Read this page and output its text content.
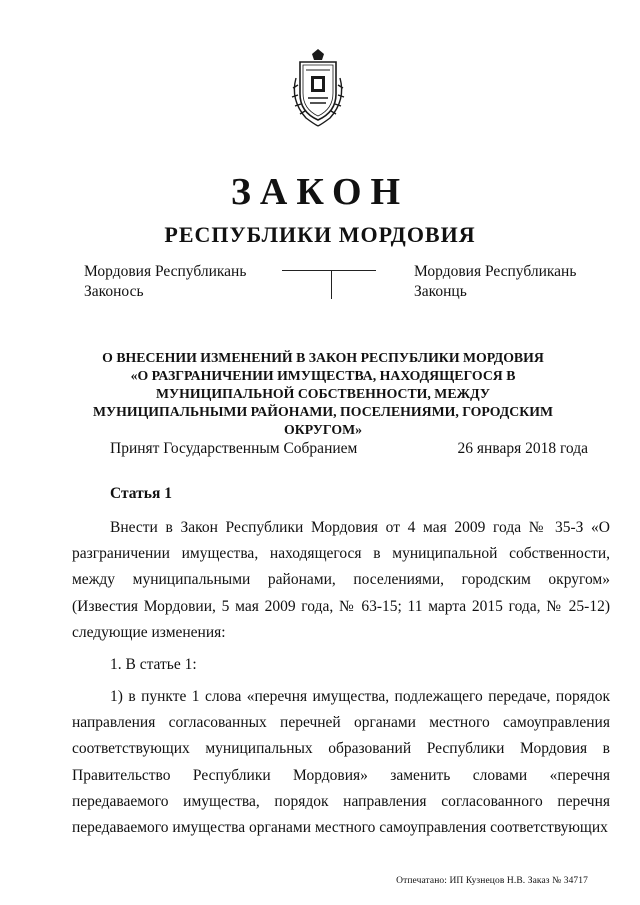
ЗАКОН
РЕСПУБЛИКИ МОРДОВИЯ
Мордовия Республикань
Законось
Мордовия Республикань
Законць

О ВНЕСЕНИИ ИЗМЕНЕНИЙ В ЗАКОН РЕСПУБЛИКИ МОРДОВИЯ «О РАЗГРАНИЧЕНИИ ИМУЩЕСТВА, НАХОДЯЩЕГОСЯ В МУНИЦИПАЛЬНОЙ СОБСТВЕННОСТИ, МЕЖДУ МУНИЦИПАЛЬНЫМИ РАЙОНАМИ, ПОСЕЛЕНИЯМИ, ГОРОДСКИМ ОКРУГОМ»

Принят Государственным Собранием	26 января 2018 года
Статья 1

Внести в Закон Республики Мордовия от 4 мая 2009 года № 35-З «О разграничении имущества, находящегося в муниципальной собственности, между муниципальными районами, поселениями, городским округом» (Известия Мордовии, 5 мая 2009 года, № 63-15; 11 марта 2015 года, № 25-12) следующие изменения:

1. В статье 1:

1) в пункте 1 слова «перечня имущества, подлежащего передаче, порядок направления согласованных перечней органами местного самоуправления соответствующих муниципальных образований Республики Мордовия в Правительство Республики Мордовия» заменить словами «перечня передаваемого имущества, порядок направления согласованного перечня передаваемого имущества органами местного самоуправления соответствующих

Отпечатано: ИП Кузнецов Н.В. Заказ № 34717
